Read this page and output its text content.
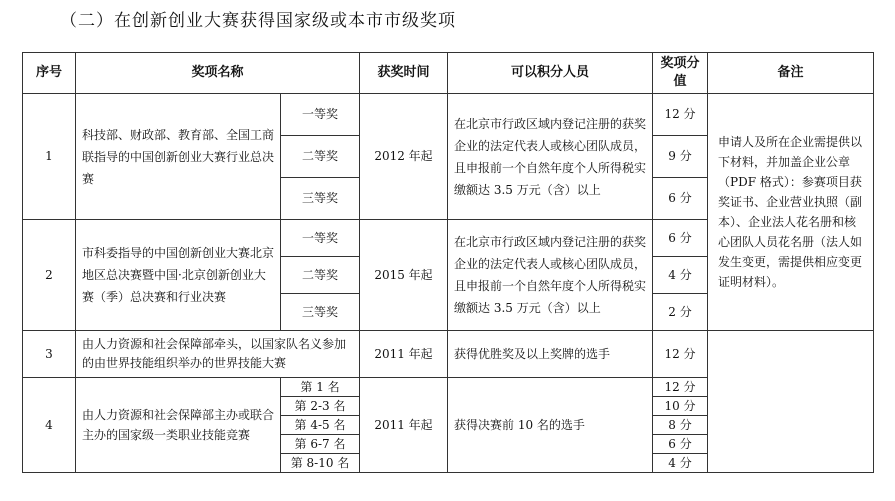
（二）在创新创业大赛获得国家级或本市市级奖项
序号	奖项名称		获奖时间	可以积分人员	奖项分值	备注
1	科技部、财政部、教育部、全国工商联指导的中国创新创业大赛行业总决赛	一等奖	2012 年起	在北京市行政区域内登记注册的获奖企业的法定代表人或核心团队成员，且申报前一个自然年度个人所得税实缴额达 3.5 万元（含）以上	12 分	申请人及所在企业需提供以下材料，并加盖企业公章（PDF 格式）：参赛项目获奖证书、企业营业执照（副本）、企业法人花名册和核心团队人员花名册（法人如发生变更，需提供相应变更证明材料）。
		二等奖			9 分	
		三等奖			6 分	
2	市科委指导的中国创新创业大赛北京地区总决赛暨中国·北京创新创业大赛（季）总决赛和行业决赛	一等奖	2015 年起	在北京市行政区域内登记注册的获奖企业的法定代表人或核心团队成员，且申报前一个自然年度个人所得税实缴额达 3.5 万元（含）以上	6 分	
		二等奖			4 分	
		三等奖			2 分	
3	由人力资源和社会保障部牵头，以国家队名义参加的由世界技能组织举办的世界技能大赛		2011 年起	获得优胜奖及以上奖牌的选手	12 分	
4	由人力资源和社会保障部主办或联合主办的国家级一类职业技能竞赛	第 1 名	2011 年起	获得决赛前 10 名的选手	12 分	
		第 2-3 名			10 分	
		第 4-5 名			8 分	
		第 6-7 名			6 分	
		第 8-10 名			4 分	
